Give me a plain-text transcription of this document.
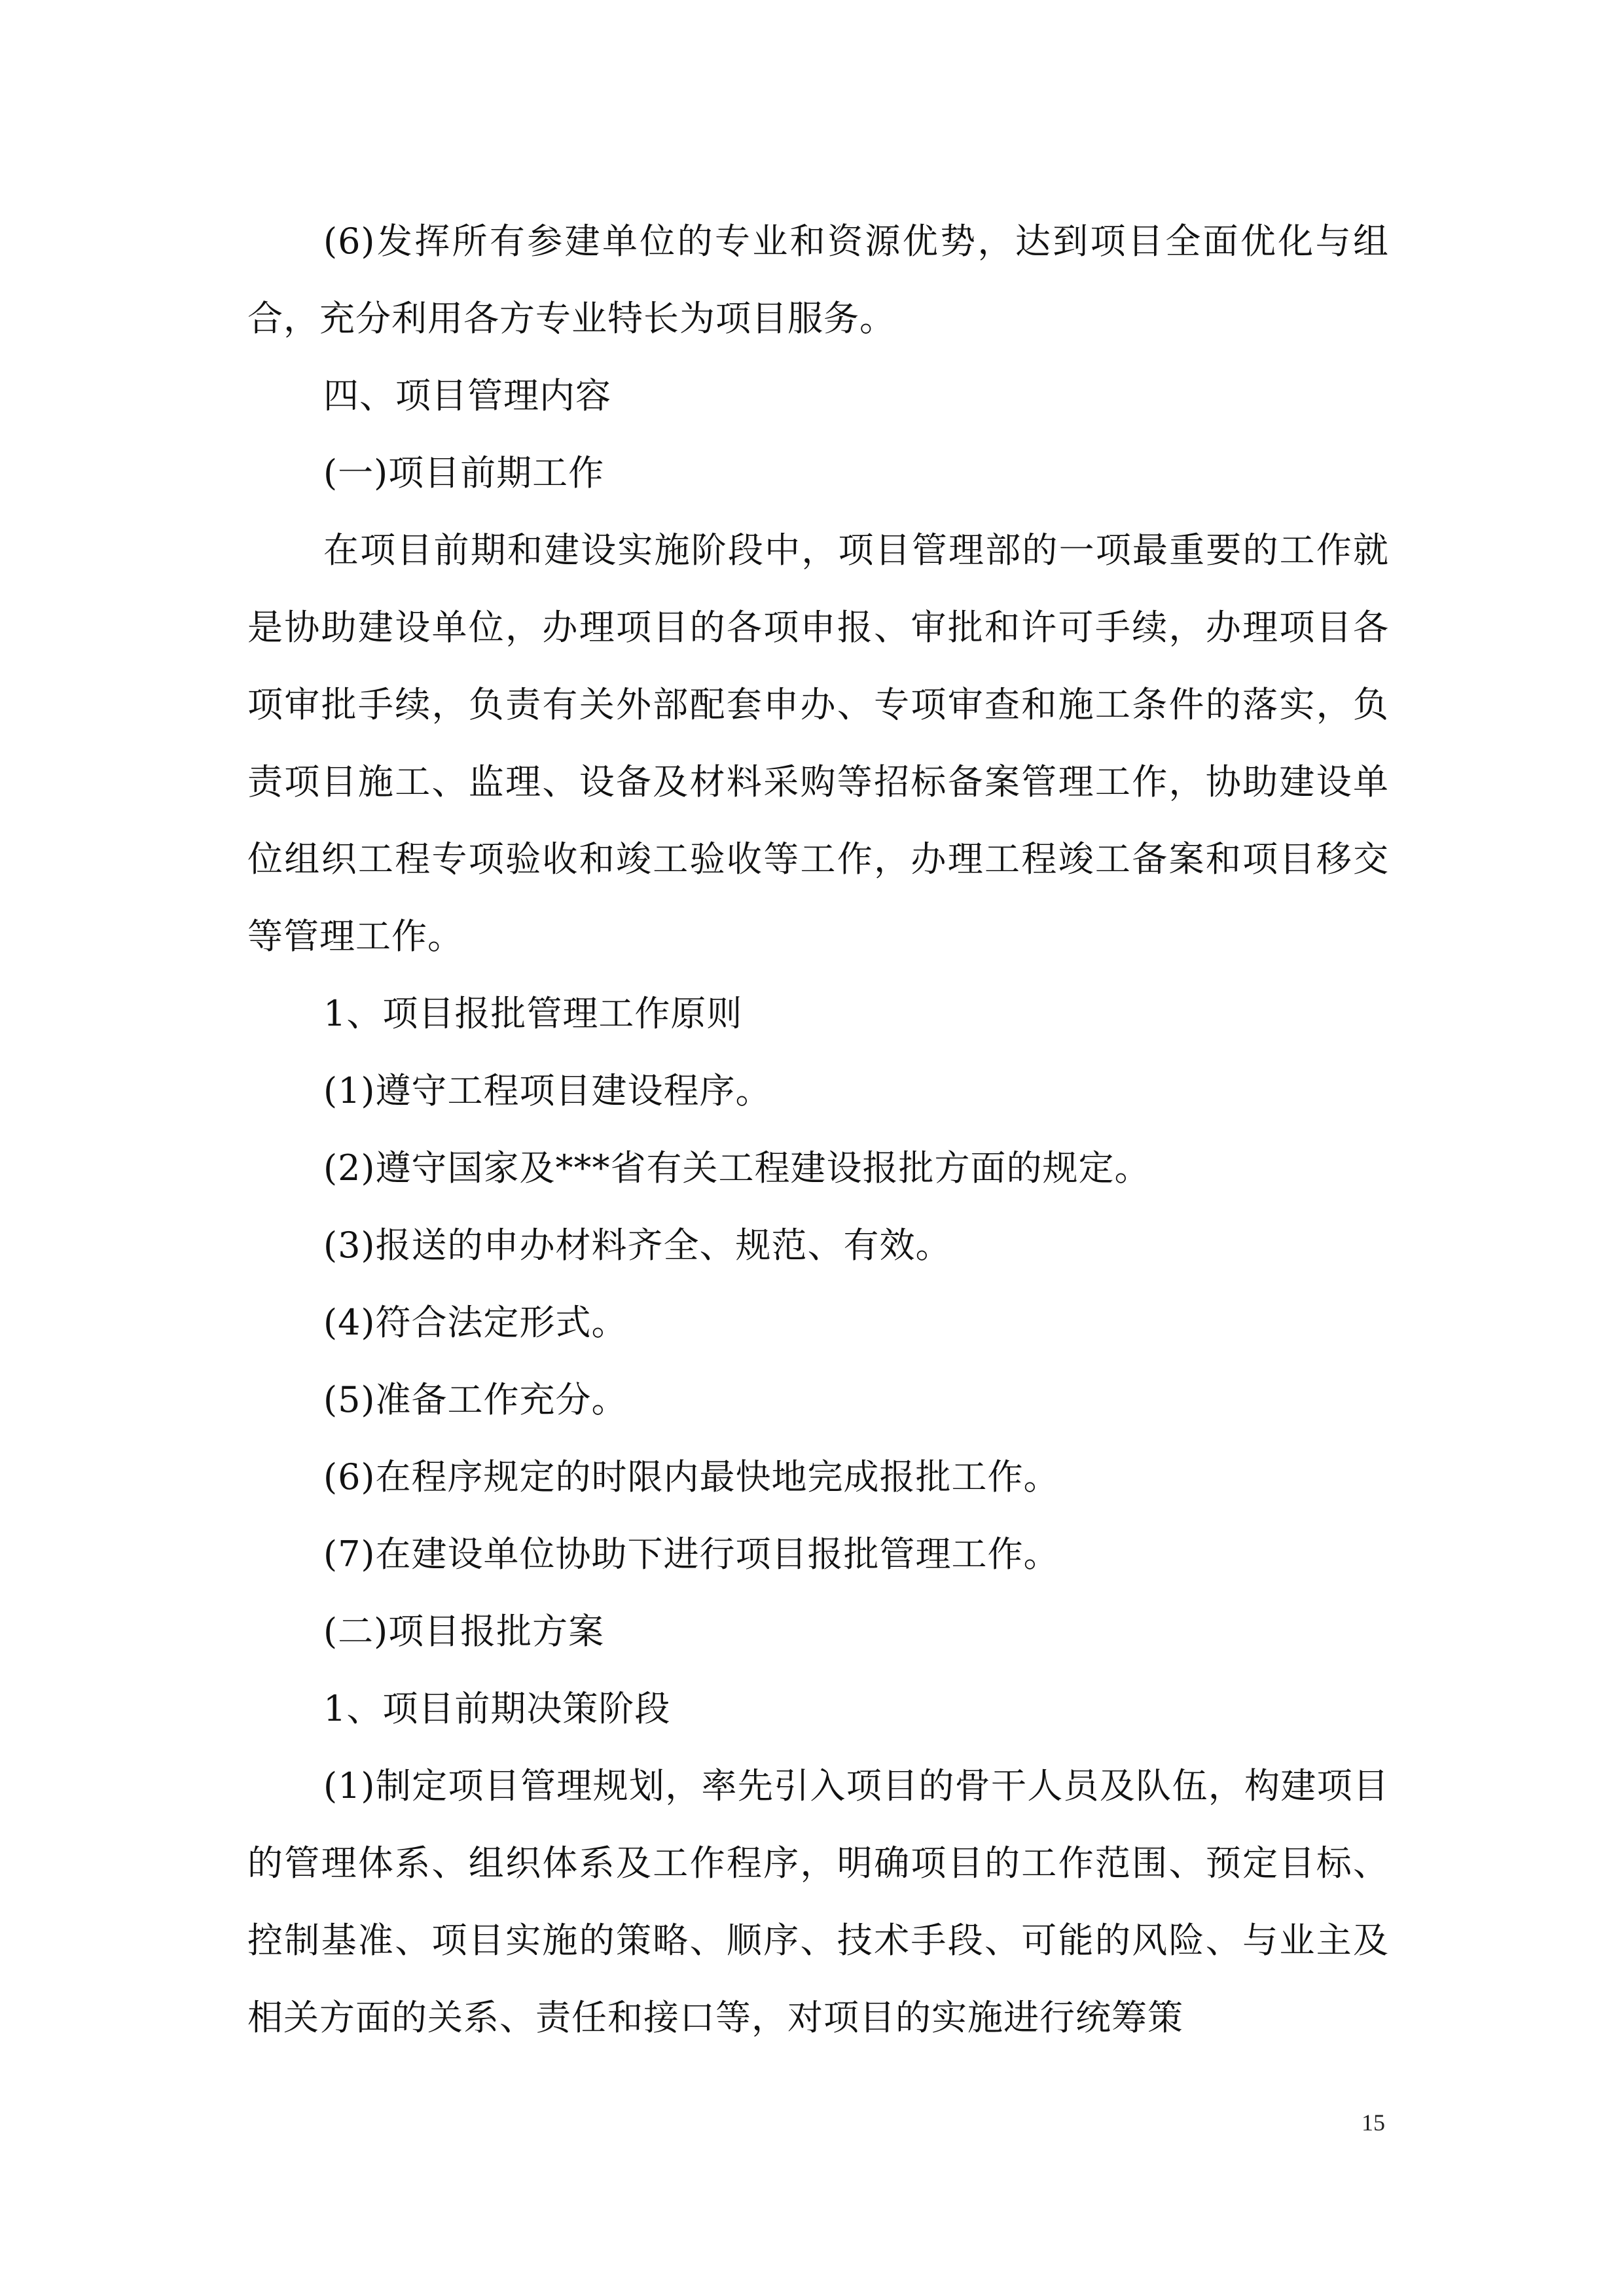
(6)发挥所有参建单位的专业和资源优势，达到项目全面优化与组合，充分利用各方专业特长为项目服务。

四、项目管理内容

(一)项目前期工作

在项目前期和建设实施阶段中，项目管理部的一项最重要的工作就是协助建设单位，办理项目的各项申报、审批和许可手续，办理项目各项审批手续，负责有关外部配套申办、专项审查和施工条件的落实，负责项目施工、监理、设备及材料采购等招标备案管理工作，协助建设单位组织工程专项验收和竣工验收等工作，办理工程竣工备案和项目移交等管理工作。

1、项目报批管理工作原则

(1)遵守工程项目建设程序。

(2)遵守国家及***省有关工程建设报批方面的规定。

(3)报送的申办材料齐全、规范、有效。

(4)符合法定形式。

(5)准备工作充分。

(6)在程序规定的时限内最快地完成报批工作。

(7)在建设单位协助下进行项目报批管理工作。

(二)项目报批方案

1、项目前期决策阶段

(1)制定项目管理规划，率先引入项目的骨干人员及队伍，构建项目的管理体系、组织体系及工作程序，明确项目的工作范围、预定目标、控制基准、项目实施的策略、顺序、技术手段、可能的风险、与业主及相关方面的关系、责任和接口等，对项目的实施进行统筹策

15
